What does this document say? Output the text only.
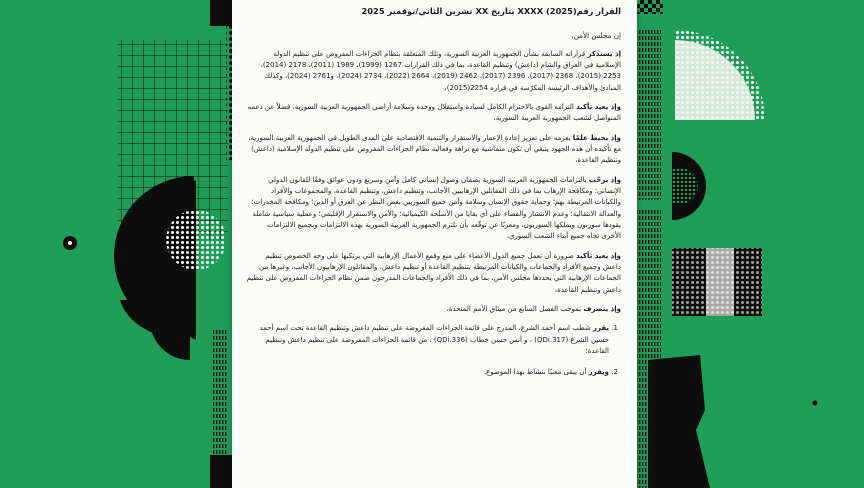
القرار رقم(2025) XXXX بتاريخ XX تشرين الثاني/نوفمبر 2025
إن مجلس الأمن،

إذ يستذكر قراراته السابقة بشأن الجمهورية العربية السورية، وتلك المتعلقة بنظام الجزاءات المفروض على تنظيم الدولة الإسلامية في العراق والشام (داعش) وتنظيم القاعدة، بما في ذلك القرارات 1267 (1999)، 1989 (2011)، 2178 (2014)، 2253 (2015)، 2368 (2017)، 2396 (2017)، 2462 (2019)، 2664 (2022)، 2734 (2024)، و2761 (2024)، وكذلك المبادئ والأهداف الرئيسة المكرّسة في قراره 2254(2015)،

وإذ يعيد تأكيد التزامه القوي بالاحترام الكامل لسيادة واستقلال ووحدة وسلامة أراضي الجمهورية العربية السورية، فضلاً عن دعمه المتواصل لشعب الجمهورية العربية السورية،

وإذ يحيط علمًا بعزمه على تعزيز إعادة الإعمار والاستقرار والتنمية الاقتصادية على المدى الطويل في الجمهورية العربية السورية، مع تأكيده أن هذه الجهود ينبغي أن تكون متماشية مع نزاهة وفعالية نظام الجزاءات المفروض على تنظيم الدولة الإسلامية (داعش) وتنظيم القاعدة،

وإذ يرحّب بالتزامات الجمهورية العربية السورية بضمان وصول إنساني كامل وآمن وسريع ودون عوائق وفقًا للقانون الدولي الإنساني؛ ومكافحة الإرهاب بما في ذلك المقاتلين الإرهابيين الأجانب، وتنظيم داعش، وتنظيم القاعدة، والمجموعات والأفراد والكيانات المرتبطة بهم؛ وحماية حقوق الإنسان وسلامة وأمن جميع السوريين بغض النظر عن العرق أو الدين؛ ومكافحة المخدرات؛ والعدالة الانتقالية؛ وعدم الانتشار والقضاء على أي بقايا من الأسلحة الكيميائية؛ والأمن والاستقرار الإقليمي؛ وعملية سياسية شاملة يقودها سوريون ويملكها السوريون، ومعربًا عن توقّعه بأن تلتزم الجمهورية العربية السورية بهذه الالتزامات وبجميع الالتزامات الأخرى تجاه جميع أبناء الشعب السوري،

وإذ يعيد تأكيد ضرورة أن تعمل جميع الدول الأعضاء على منع وقمع الأعمال الإرهابية التي يرتكبها على وجه الخصوص تنظيم داعش وجميع الأفراد والجماعات والكيانات المرتبطة بتنظيم القاعدة أو تنظيم داعش، والمقاتلون الإرهابيون الأجانب، وغيرها من الجماعات الإرهابية التي يحددها مجلس الأمن، بما في ذلك الأفراد والجماعات المدرجون ضمن نظام الجزاءات المفروض على تنظيم داعش وتنظيم القاعدة،

وإذ يتصرف بموجب الفصل السابع من ميثاق الأمم المتحدة،

1. يقرر شطب اسم أحمد الشرع، المدرج على قائمة الجزاءات المفروضة على تنظيم داعش وتنظيم القاعدة تحت اسم أحمد حسين الشرع (QDi.317) ، و أنس حسن خطاب (QDi.336) ، من قائمة الجزاءات المفروضة على تنظيم داعش وتنظيم القاعدة؛
2. ويقرر أن يبقى معنيًا بنشاط بهذا الموضوع.
